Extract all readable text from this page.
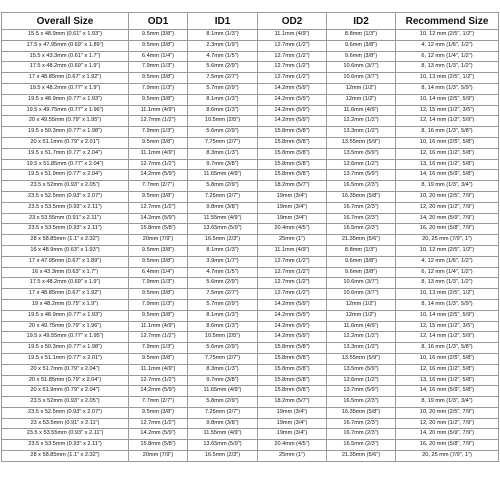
Overall Size	OD1	ID1	OD2	ID2	Recommend Size
15.5 x 48.9mm (0.61" x 1.93")	9.5mm (3/8")	8.1mm (1/3")	11.1mm (4/9")	8.8mm (1/3")	10, 12 mm (2/5", 1/2")
17.5 x 47.95mm (0.69" x 1.89")	9.5mm (3/8")	2.3mm (1/9")	12.7mm (1/2")	9.6mm (3/8")	4, 12 mm (1/6", 1/2")
15.5 x 43.3mm (0.61" x 1.7")	6.4mm (1/4")	4.7mm (1/5")	12.7mm (1/2")	9.6mm (3/8")	6, 12 mm (1/4", 1/2")
17.5 x 48.2mm (0.69" x 1.9")	7.9mm (1/3")	5.6mm (2/9")	12.7mm (1/2")	10.6mm (3/7")	8, 13 mm (1/3", 1/2")
17 x 48.85mm (0.67" x 1.92")	9.5mm (3/8")	7.5mm (2/7")	12.7mm (1/2")	10.6mm (3/7")	10, 13 mm (2/5", 1/2")
19.5 x 48.2mm (0.77" x 1.9")	7.9mm (1/3")	5.7mm (2/9")	14.2mm (5/9")	12mm (1/2")	8, 14 mm (1/3", 5/9")
19.5 x 48.9mm (0.77" x 1.93")	9.5mm (3/8")	8.1mm (1/3")	14.2mm (5/9")	12mm (1/2")	10, 14 mm (2/5", 5/9")
19.5 x 49.75mm (0.77" x 1.96")	11.1mm (4/9")	8.6mm (1/3")	14.2mm (5/9")	11.6mm (4/9")	12, 15 mm (1/2", 3/5")
20 x 49.55mm (0.79" x 1.95")	12.7mm (1/2")	10.5mm (2/5")	14.2mm (5/9")	12.2mm (1/2")	12, 14 mm (1/2", 5/9")
19.5 x 50.3mm (0.77" x 1.98")	7.9mm (1/3")	5.6mm (2/9")	15.8mm (5/8")	13.3mm (1/2")	8, 16 mm (1/3", 5/8")
20 x 51.1mm (0.79" x 2.01")	9.5mm (3/8")	7.75mm (2/7")	15.8mm (5/8")	13.55mm (5/9")	10, 16 mm (2/5", 5/8")
19.5 x 51.7mm (0.77" x 2.04")	11.1mm (4/9")	8.3mm (1/3")	15.8mm (5/8")	13.5mm (5/9")	12, 16 mm (1/2", 5/8")
19.5 x 51.85mm (0.77" x 2.04")	12.7mm (1/2")	9.7mm (3/8")	15.8mm (5/8")	12.6mm (1/2")	13, 16 mm (1/2", 5/8")
19.5 x 51.9mm (0.77" x 2.04")	14.2mm (5/9")	11.65mm (4/9")	15.8mm (5/8")	13.7mm (5/9")	14, 16 mm (5/9", 5/8")
23.5 x 52mm (0.93" x 2.05")	7.7mm (2/7")	5.8mm (2/9")	18.2mm (5/7")	16.5mm (2/3")	8, 19 mm (1/3", 3/4")
23.5 x 52.5mm (0.93" x 2.07")	9.5mm (3/8")	7.25mm (2/7")	19mm (3/4")	16.35mm (5/8")	10, 20 mm (2/5", 7/9")
23.5 x 53.5mm (0.93" x 2.11")	12.7mm (1/2")	9.8mm (3/8")	19mm (3/4")	16.7mm (2/3")	12, 20 mm (1/2", 7/9")
23 x 53.55mm (0.91" x 2.11")	14.2mm (5/9")	11.55mm (4/9")	19mm (3/4")	16.7mm (2/3")	14, 20 mm (5/9", 7/9")
23.5 x 53.5mm (0.93" x 2.11")	15.8mm (5/8")	13.65mm (5/9")	20.4mm (4/5")	16.5mm (2/3")	16, 20 mm (5/8", 7/9")
28 x 58.85mm (1.1" x 2.32")	20mm (7/9")	16.5mm (2/3")	25mm (1")	21.35mm (5/6")	20, 25 mm (7/9", 1")
16 x 48.9mm (0.63" x 1.93")	9.5mm (3/8")	8.1mm (1/3")	11.1mm (4/9")	8.8mm (1/3")	10, 12 mm (2/5", 1/2")
17 x 47.95mm (0.67" x 1.89")	9.5mm (3/8")	3.9mm (1/7")	12.7mm (1/2")	9.6mm (3/8")	4, 12 mm (1/6", 1/2")
16 x 43.3mm (0.63" x 1.7")	6.4mm (1/4")	4.7mm (1/5")	12.7mm (1/2")	9.6mm (3/8")	6, 12 mm (1/4", 1/2")
17.5 x 48.2mm (0.69" x 1.9")	7.9mm (1/3")	5.6mm (2/9")	12.7mm (1/2")	10.6mm (3/7")	8, 13 mm (1/3", 1/2")
17 x 48.85mm (0.67" x 1.92")	9.5mm (3/8")	7.5mm (2/7")	12.7mm (1/2")	10.6mm (3/7")	10, 13 mm (2/5", 1/2")
19 x 48.2mm (0.75" x 1.9")	7.9mm (1/3")	5.7mm (2/9")	14.2mm (5/9")	12mm (1/2")	8, 14 mm (1/3", 5/9")
19.5 x 48.9mm (0.77" x 1.93")	9.5mm (3/8")	8.1mm (1/3")	14.2mm (5/9")	12mm (1/2")	10, 14 mm (2/5", 5/9")
20 x 49.75mm (0.79" x 1.96")	11.1mm (4/9")	8.6mm (1/3")	14.2mm (5/9")	11.6mm (4/9")	12, 15 mm (1/2", 3/5")
19.5 x 49.55mm (0.77" x 1.95")	12.7mm (1/2")	10.5mm (2/5")	14.2mm (5/9")	12.2mm (1/2")	12, 14 mm (1/2", 5/9")
19.5 x 50.3mm (0.77" x 1.98")	7.9mm (1/3")	5.6mm (2/9")	15.8mm (5/8")	13.3mm (1/2")	8, 16 mm (1/3", 5/8")
19.5 x 51.1mm (0.77" x 2.01")	9.5mm (3/8")	7.75mm (2/7")	15.8mm (5/8")	13.55mm (5/9")	10, 16 mm (2/5", 5/8")
20 x 51.7mm (0.79" x 2.04")	11.1mm (4/9")	8.3mm (1/3")	15.8mm (5/8")	13.5mm (5/9")	12, 16 mm (1/2", 5/8")
20 x 51.85mm (0.79" x 2.04")	12.7mm (1/2")	9.7mm (3/8")	15.8mm (5/8")	12.6mm (1/2")	13, 16 mm (1/2", 5/8")
20 x 51.9mm (0.79" x 2.04")	14.2mm (5/9")	11.65mm (4/9")	15.8mm (5/8")	13.7mm (5/9")	14, 16 mm (5/9", 5/8")
23.5 x 52mm (0.93" x 2.05")	7.7mm (2/7")	5.8mm (2/9")	18.2mm (5/7")	16.5mm (2/3")	8, 19 mm (1/3", 3/4")
23.5 x 52.5mm (0.93" x 2.07")	9.5mm (3/8")	7.25mm (2/7")	19mm (3/4")	16.35mm (5/8")	10, 20 mm (2/5", 7/9")
23 x 53.5mm (0.91" x 2.11")	12.7mm (1/2")	9.8mm (3/8")	19mm (3/4")	16.7mm (2/3")	12, 20 mm (1/2", 7/9")
23.5 x 53.55mm (0.93" x 2.11")	14.2mm (5/9")	11.55mm (4/9")	19mm (3/4")	16.7mm (2/3")	14, 20 mm (5/9", 7/9")
23.5 x 53.5mm (0.93" x 2.11")	15.8mm (5/8")	13.65mm (5/9")	20.4mm (4/5")	16.5mm (2/3")	16, 20 mm (5/8", 7/9")
28 x 58.85mm (1.1" x 2.32")	20mm (7/9")	16.5mm (2/3")	25mm (1")	21.35mm (5/6")	20, 25 mm (7/9", 1")
